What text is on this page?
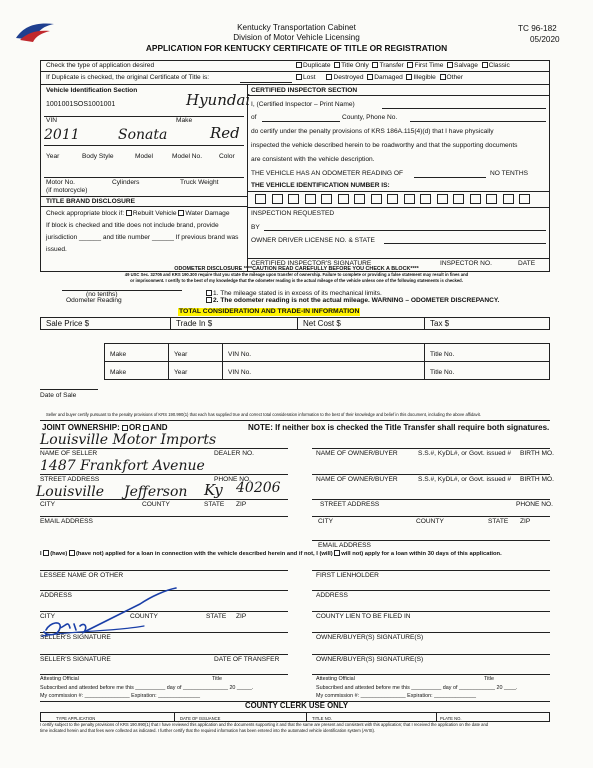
Kentucky Transportation Cabinet
Division of Motor Vehicle Licensing
APPLICATION FOR KENTUCKY CERTIFICATE OF TITLE OR REGISTRATION
TC 96-182
05/2020
Check the type of application desired	Duplicate Title Only Transfer First Time Salvage Classic
If Duplicate is checked, the original Certificate of Title is:	Lost	Destroyed Damaged Illegible Other
Vehicle Identification Section
1001001SOS1001001	Hyundai
VIN	Make
2011	Sonata	Red
Year	Body Style	Model	Model No.	Color
Motor No.	Cylinders	Truck Weight
(if motorcycle)
TITLE BRAND DISCLOSURE
Check appropriate block if: Rebuilt Vehicle Water Damage
If block is checked and title does not include brand, provide
jurisdiction ______ and title number ______ If previous brand was
issued.
CERTIFIED INSPECTOR SECTION
I, (Certified Inspector – Print Name)
of	County, Phone No.
do certify under the penalty provisions of KRS 186A.115(4)(d) that I have physically
inspected the vehicle described herein to be roadworthy and that the supporting documents
are consistent with the vehicle description.
THE VEHICLE HAS AN ODOMETER READING OF	NO TENTHS
THE VEHICLE IDENTIFICATION NUMBER IS:
INSPECTION REQUESTED
BY
OWNER DRIVER LICENSE NO. & STATE
CERTIFIED INSPECTOR'S SIGNATURE	INSPECTOR NO.	DATE
ODOMETER DISCLOSURE ****CAUTION READ CAREFULLY BEFORE YOU CHECK A BLOCK****
49 USC Sec. 32705 and KRS 190.300 require that you state the mileage upon transfer of ownership. Failure to complete or providing a false statement may result in fines and
or imprisonment. I certify to the best of my knowledge that the odometer reading is the actual mileage of the vehicle unless one of the following statements is checked.
(no tenths)
Odometer Reading
1. The mileage stated is in excess of its mechanical limits.
2. The odometer reading is not the actual mileage. WARNING – ODOMETER DISCREPANCY.
TOTAL CONSIDERATION AND TRADE-IN INFORMATION
Sale Price $	Trade In $	Net Cost $	Tax $
Make	Year	VIN No.	Title No.
Make	Year	VIN No.	Title No.
Date of Sale
Seller and buyer certify pursuant to the penalty provisions of KRS 190.990(1) that each has supplied true and correct total consideration information to the best of their knowledge and belief in this document, including the above affidavit.
JOINT OWNERSHIP: OR AND	NOTE: If neither box is checked the Title Transfer shall require both signatures.
Louisville Motor Imports
NAME OF SELLER	DEALER NO.
1487 Frankfort Avenue
STREET ADDRESS	PHONE NO.
Louisville Jefferson Ky 40206
CITY	COUNTY	STATE ZIP
EMAIL ADDRESS
NAME OF OWNER/BUYER	S.S.#, KyDL#, or Govt. issued # BIRTH MO.
NAME OF OWNER/BUYER	S.S.#, KyDL#, or Govt. issued # BIRTH MO.
STREET ADDRESS	PHONE NO.
CITY	COUNTY	STATE ZIP
EMAIL ADDRESS
I (have) (have not) applied for a loan in connection with the vehicle described herein and if not, I (will) will not) apply for a loan within 30 days of this application.
LESSEE NAME OR OTHER	FIRST LIENHOLDER
ADDRESS	ADDRESS
CITY	COUNTY	STATE ZIP	COUNTY LIEN TO BE FILED IN
SELLER'S SIGNATURE	OWNER/BUYER(S) SIGNATURE(S)
SELLER'S SIGNATURE	DATE OF TRANSFER	OWNER/BUYER(S) SIGNATURE(S)
Attesting Official	Title
Subscribed and attested before me this __________ day of _______________ 20 _____.
My commission #: _______________ Expiration: ______________
Attesting Official	Title
Subscribed and attested before me this __________ day of ____________ 20 ____.
My commission #: _______________ Expiration: ______________
COUNTY CLERK USE ONLY
TYPE APPLICATION	DATE OF ISSUANCE	TITLE NO.	PLATE NO.
I certify subject to the penalty provisions of KRS 190.990(1) that I have reviewed this application and the documents supporting it and that the same are present and consistent with this application; that I received the application on the date and
time indicated herein and that fees were collected as indicated. I further certify that the required information has been entered into the automated vehicle identification system (AVIS).
